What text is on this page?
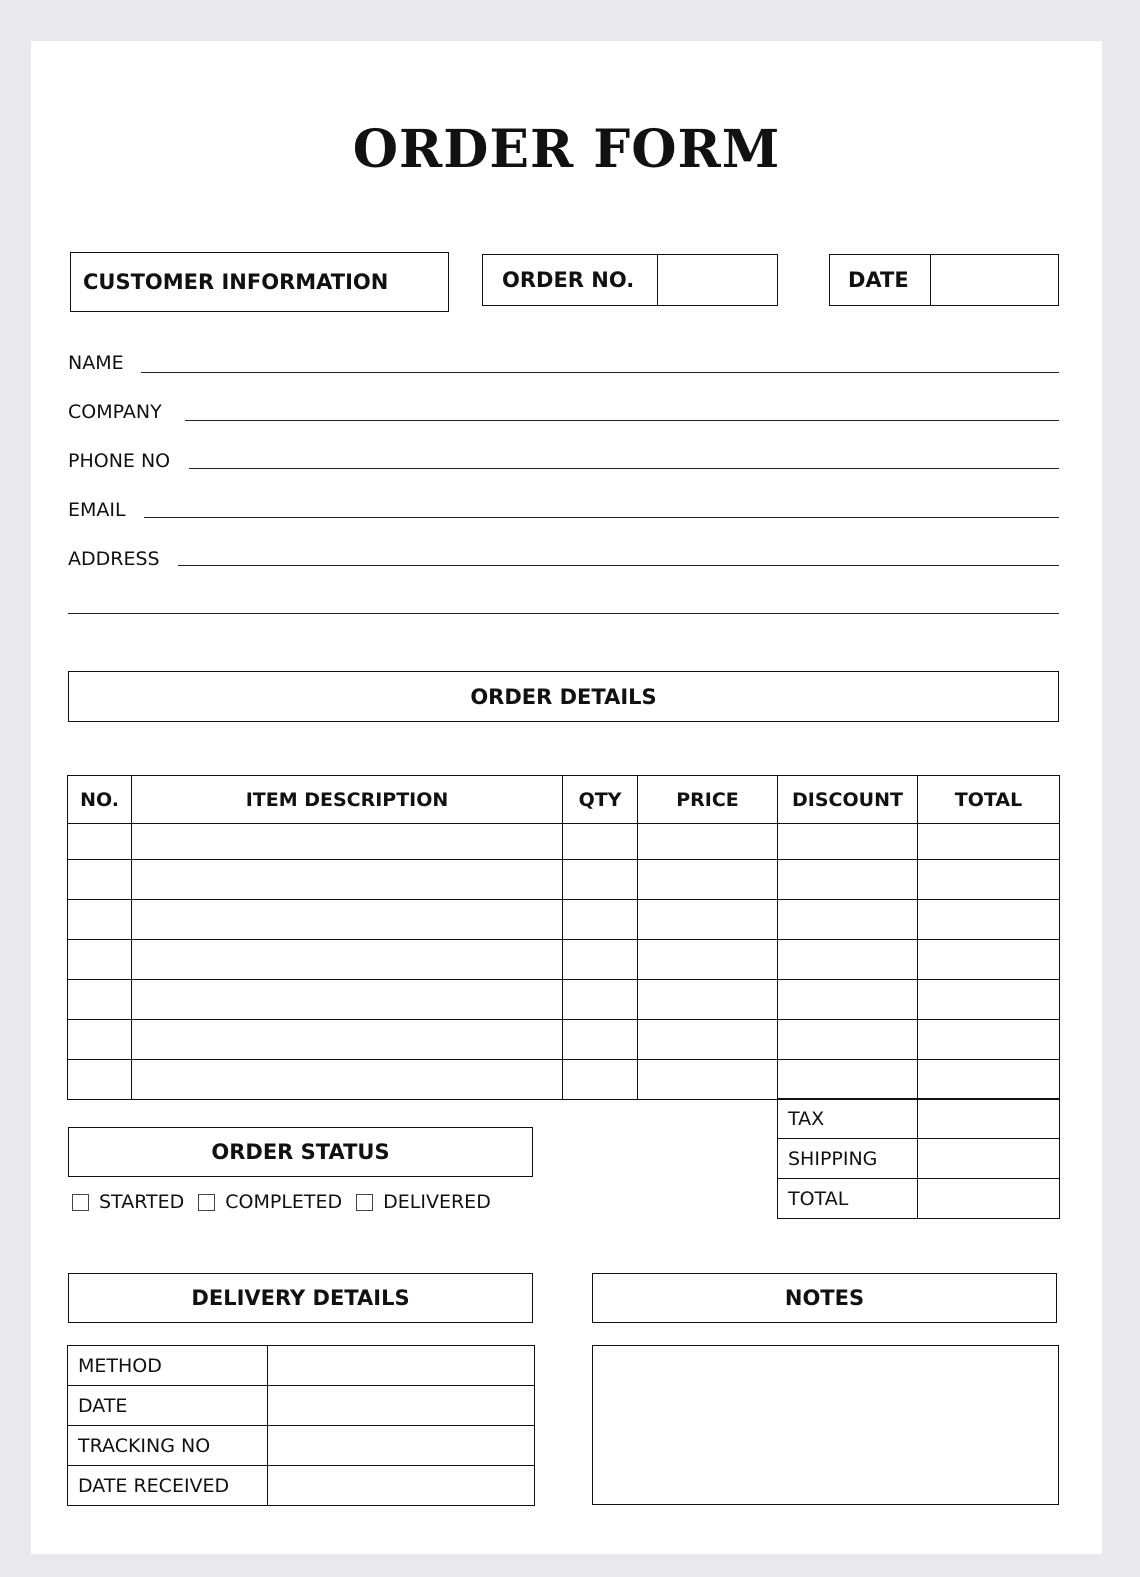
ORDER FORM
CUSTOMER INFORMATION	ORDER NO.	DATE
NAME
COMPANY
PHONE NO
EMAIL
ADDRESS
ORDER DETAILS
NO.	ITEM DESCRIPTION	QTY	PRICE	DISCOUNT	TOTAL

TAX	
SHIPPING	
TOTAL	
ORDER STATUS
STARTED COMPLETED DELIVERED
DELIVERY DETAILS
METHOD	
DATE	
TRACKING NO	
DATE RECEIVED	
NOTES
